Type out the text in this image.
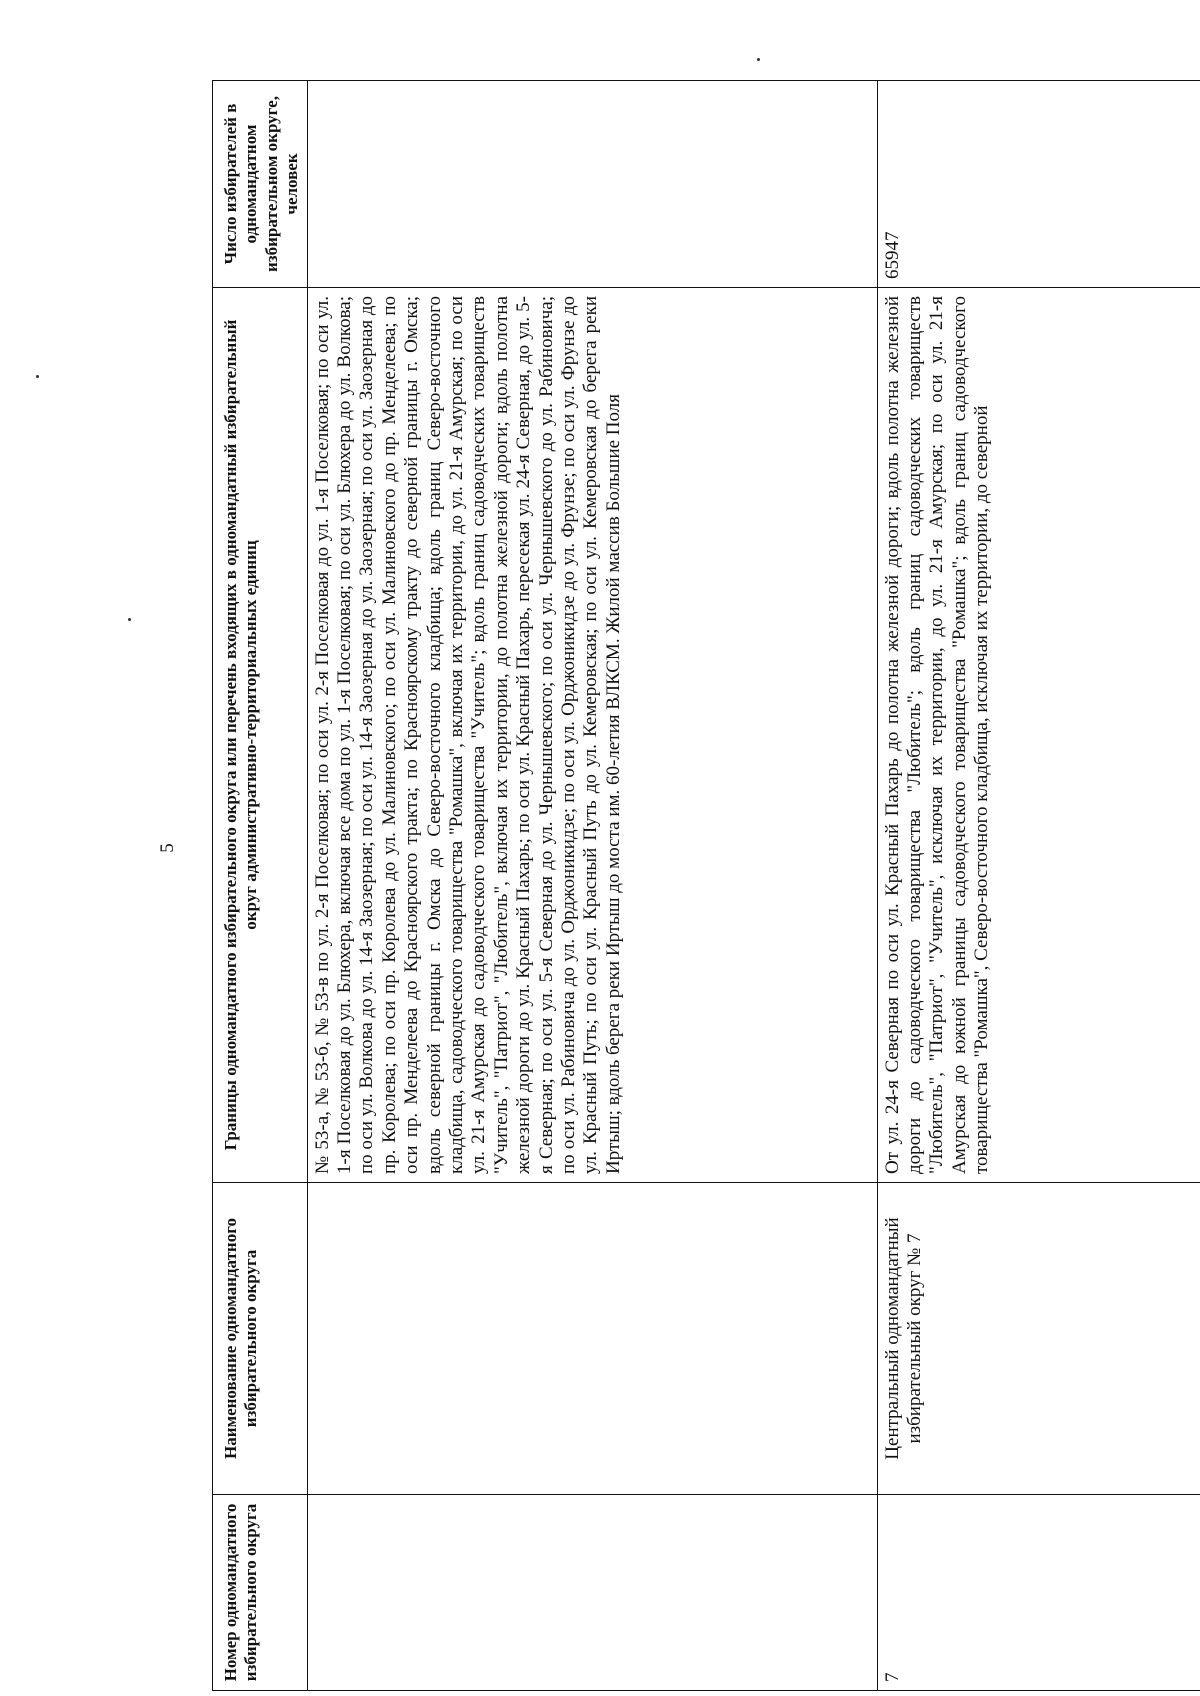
5
Номер одномандатного избирательного округа	Наименование одномандатного избирательного округа	Границы одномандатного избирательного округа или перечень входящих в одномандатный избирательный округ административно-территориальных единиц	Число избирателей в одномандатном избирательном округе, человек
		№ 53-а, № 53-б, № 53-в по ул. 2-я Поселковая; по оси ул. 2-я Поселковая до ул. 1-я Поселковая; по оси ул. 1-я Поселковая до ул. Блюхера, включая все дома по ул. 1-я Поселковая; по оси ул. Блюхера до ул. Волкова; по оси ул. Волкова до ул. 14-я Заозерная; по оси ул. 14-я Заозерная до ул. Заозерная; по оси ул. Заозерная до пр. Королева; по оси пр. Королева до ул. Малиновского; по оси ул. Малиновского до пр. Менделеева; по оси пр. Менделеева до Красноярского тракта; по Красноярскому тракту до северной границы г. Омска; вдоль северной границы г. Омска до Северо-восточного кладбища; вдоль границ Северо-восточного кладбища, садоводческого товарищества "Ромашка", включая их территории, до ул. 21-я Амурская; по оси ул. 21-я Амурская до садоводческого товарищества "Учитель"; вдоль границ садоводческих товариществ "Учитель", "Патриот", "Любитель", включая их территории, до полотна железной дороги; вдоль полотна железной дороги до ул. Красный Пахарь; по оси ул. Красный Пахарь, пересекая ул. 24-я Северная, до ул. 5-я Северная; по оси ул. 5-я Северная до ул. Чернышевского; по оси ул. Чернышевского до ул. Рабиновича; по оси ул. Рабиновича до ул. Орджоникидзе; по оси ул. Орджоникидзе до ул. Фрунзе; по оси ул. Фрунзе до ул. Красный Путь; по оси ул. Красный Путь до ул. Кемеровская; по оси ул. Кемеровская до берега реки Иртыш; вдоль берега реки Иртыш до моста им. 60-летия ВЛКСМ. Жилой массив Большие Поля	
7	Центральный одномандатный избирательный округ № 7	От ул. 24-я Северная по оси ул. Красный Пахарь до полотна железной дороги; вдоль полотна железной дороги до садоводческого товарищества "Любитель"; вдоль границ садоводческих товариществ "Любитель", "Патриот", "Учитель", исключая их территории, до ул. 21-я Амурская; по оси ул. 21-я Амурская до южной границы садоводческого товарищества "Ромашка"; вдоль границ садоводческого товарищества "Ромашка", Северо-восточного кладбища, исключая их территории, до северной	65947
